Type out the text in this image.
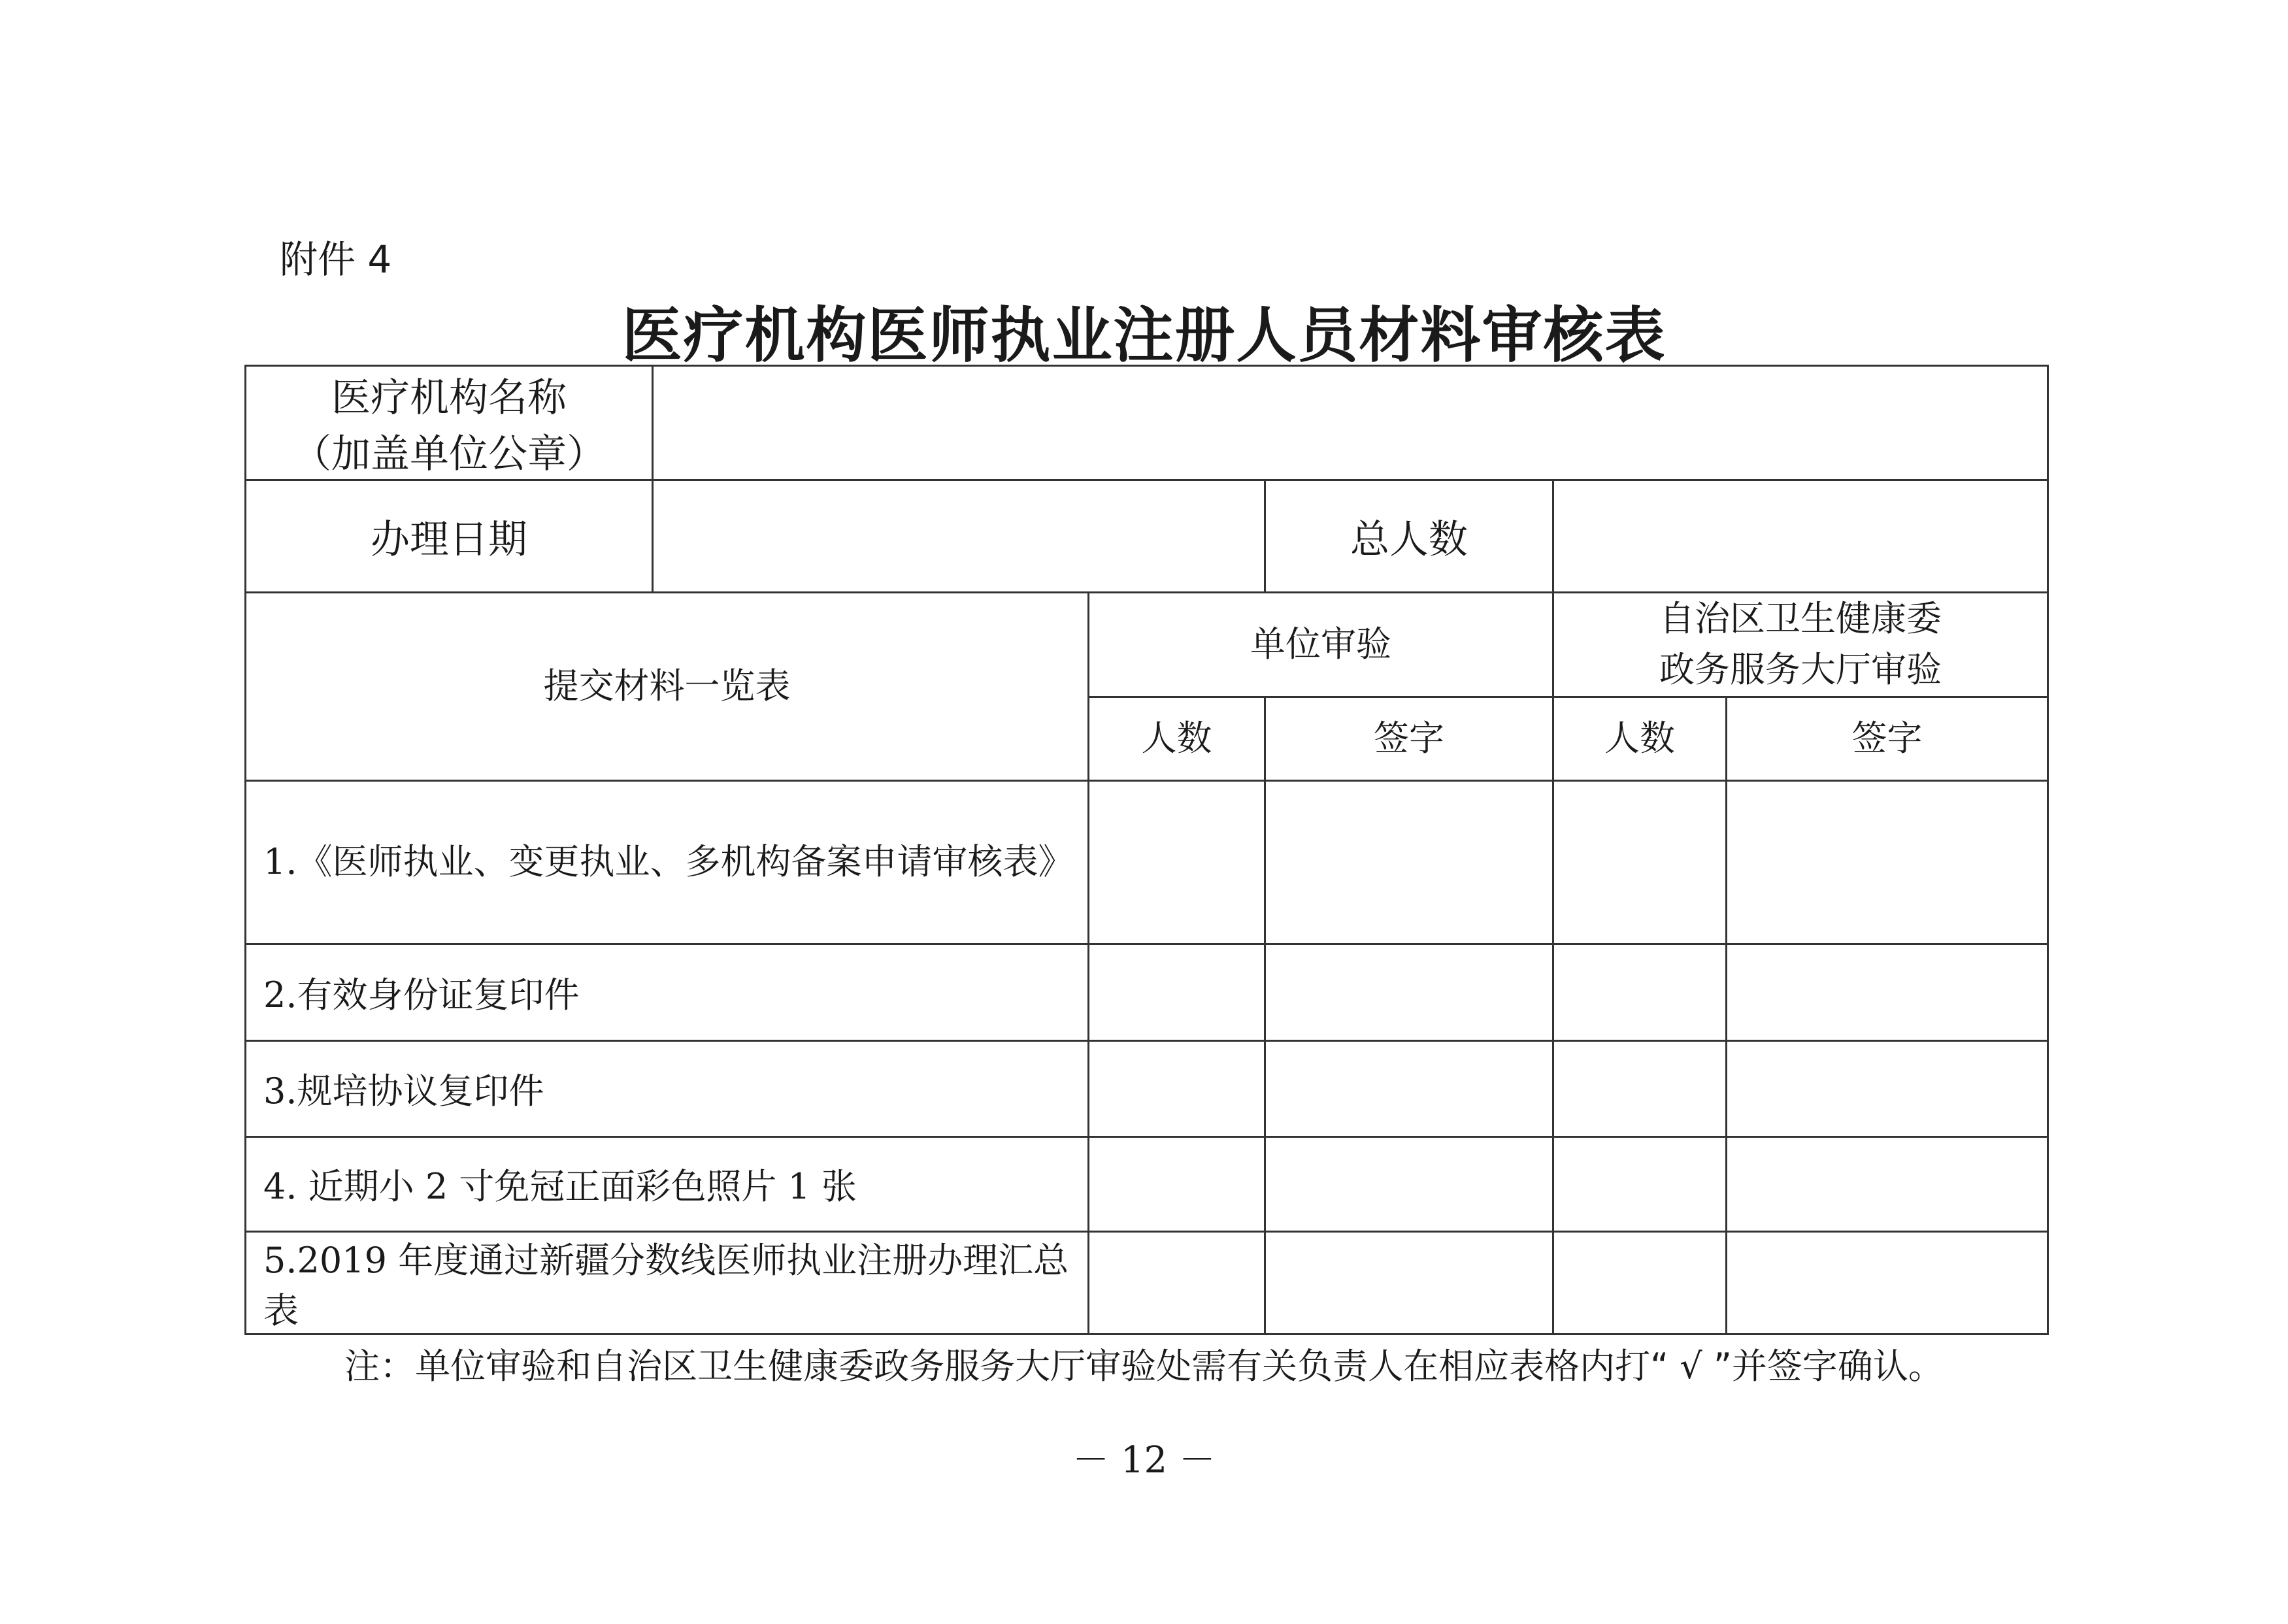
附件 4
医疗机构医师执业注册人员材料审核表
医疗机构名称
（加盖单位公章）					

办理日期			总人数		
提交材料一览表		单位审验		自治区卫生健康委
政务服务大厅审验	

		人数	签字	人数	签字
1.《医师执业、变更执业、多机构备案申请审核表》					
2.有效身份证复印件					
3.规培协议复印件					
4. 近期小 2 寸免冠正面彩色照片 1 张					
5.2019 年度通过新疆分数线医师执业注册办理汇总表					
注：单位审验和自治区卫生健康委政务服务大厅审验处需有关负责人在相应表格内打“ √ ”并签字确认。
－ 12 －
